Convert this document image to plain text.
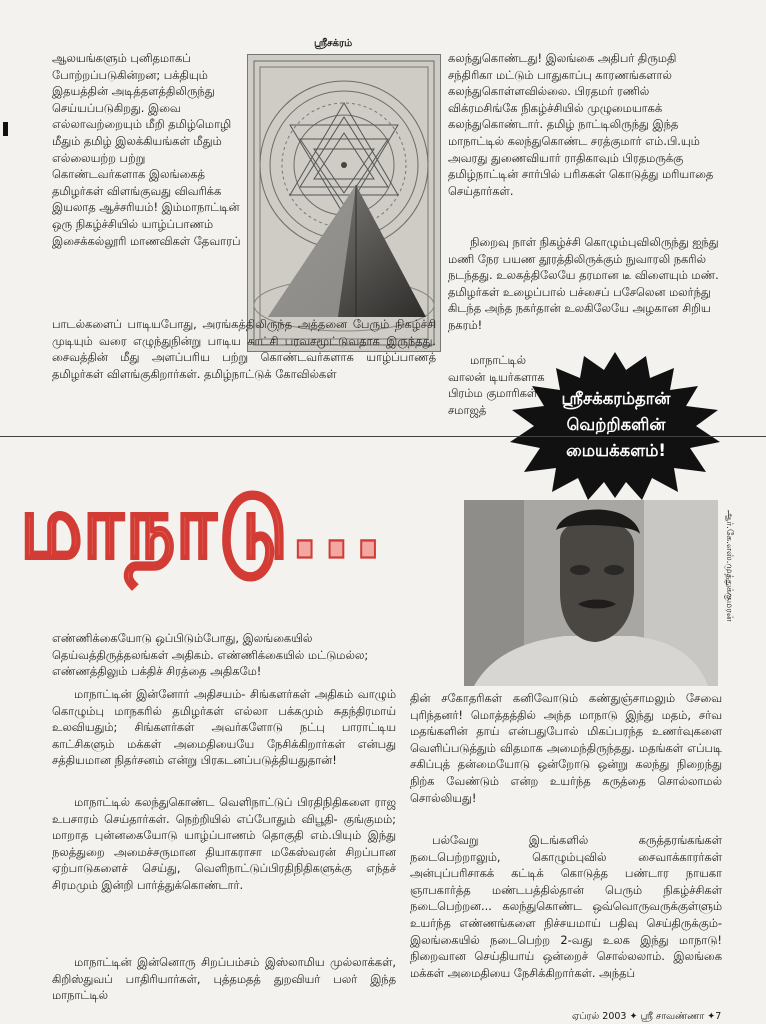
ஆலயங்களும் புனிதமாகப் போற்றப்படுகின்றன; பக்தியும் இதயத்தின் அடித்தளத்திலிருந்து செய்யப்படுகிறது. இவை எல்லாவற்றையும் மீறி தமிழ்மொழி மீதும் தமிழ் இலக்கியங்கள் மீதும் எல்லையற்ற பற்று கொண்டவர்களாக இலங்கைத் தமிழர்கள் விளங்குவது விவரிக்க இயலாத ஆச்சரியம்! இம்மாநாட்டின் ஒரு நிகழ்ச்சியில் யாழ்ப்பாணம் இசைக்கல்லூரி மாணவிகள் தேவாரப்

ஸ்ரீசக்ரம்

பாடல்களைப் பாடியபோது, அரங்கத்திலிருந்த அத்தனை பேரும் நிகழ்ச்சி முடியும் வரை எழுந்துநின்று பாடிய காட்சி பரவசமூட்டுவதாக இருந்தது. சைவத்தின் மீது அளப்பரிய பற்று கொண்டவர்களாக யாழ்ப்பாணத் தமிழர்கள் விளங்குகிறார்கள். தமிழ்நாட்டுக் கோவில்கள்

கலந்துகொண்டது! இலங்கை அதிபர் திருமதி சந்திரிகா மட்டும் பாதுகாப்பு காரணங்களால் கலந்துகொள்ளவில்லை. பிரதமர் ரணில் விக்ரமசிங்கே நிகழ்ச்சியில் முழுமையாகக் கலந்துகொண்டார். தமிழ் நாட்டிலிருந்து இந்த மாநாட்டில் கலந்துகொண்ட சரத்குமார் எம்.பி.யும் அவரது துணைவியார் ராதிகாவும் பிரதமருக்கு தமிழ்நாட்டின் சார்பில் பரிசுகள் கொடுத்து மரியாதை செய்தார்கள்.

நிறைவு நாள் நிகழ்ச்சி கொழும்புவிலிருந்து ஐந்து மணி நேர பயண தூரத்திலிருக்கும் நுவாரலி நகரில் நடந்தது. உலகத்திலேயே தரமான டீ விளையும் மண். தமிழர்கள் உழைப்பால் பச்சைப் பசேலென மலர்ந்து கிடந்த அந்த நகர்தான் உலகிலேயே அழகான சிறிய நகரம்!

மாநாட்டில் வாலன் டியர்களாக பிரம்ம குமாரிகள் சமாஜத்

ஸ்ரீசக்கரம்தான்
வெற்றிகளின்
மையக்களம்!
மாநாடு...	ஆர்.கே.எஸ்.முத்துக்குமரன்

எண்ணிக்கையோடு ஒப்பிடும்போது, இலங்கையில் தெய்வத்திருத்தலங்கள் அதிகம். எண்ணிக்கையில் மட்டுமல்ல; எண்ணத்திலும் பக்திச் சிரத்தை அதிகமே!

மாநாட்டின் இன்னோர் அதிசயம்- சிங்களர்கள் அதிகம் வாழும் கொழும்பு மாநகரில் தமிழர்கள் எல்லா பக்கமும் சுதந்திரமாய் உலவியதும்; சிங்களர்கள் அவர்களோடு நட்பு பாராட்டிய காட்சிகளும் மக்கள் அமைதியையே நேசிக்கிறார்கள் என்பது சத்தியமான நிதர்சனம் என்று பிரகடனப்படுத்தியதுதான்!

மாநாட்டில் கலந்துகொண்ட வெளிநாட்டுப் பிரதிநிதிகளை ராஜ உபசாரம் செய்தார்கள். நெற்றியில் எப்போதும் விபூதி- குங்குமம்; மாறாத புன்னகையோடு யாழ்ப்பாணம் தொகுதி எம்.பியும் இந்து நலத்துறை அமைச்சருமான தியாகராசா மகேஸ்வரன் சிறப்பான ஏற்பாடுகளைச் செய்து, வெளிநாட்டுப்பிரதிநிதிகளுக்கு எந்தச் சிரமமும் இன்றி பார்த்துக்கொண்டார்.

மாநாட்டின் இன்னொரு சிறப்பம்சம் இஸ்லாமிய முல்லாக்கள், கிறிஸ்துவப் பாதிரியார்கள், புத்தமதத் துறவியர் பலர் இந்த மாநாட்டில்

தின் சகோதரிகள் கனிவோடும் கண்துஞ்சாமலும் சேவை புரிந்தனர்! மொத்தத்தில் அந்த மாநாடு இந்து மதம், சர்வ மதங்களின் தாய் என்பதுபோல் மிகப்பரந்த உணர்வுகளை வெளிப்படுத்தும் விதமாக அமைந்திருந்தது. மதங்கள் எப்படி சகிப்புத் தன்மையோடு ஒன்றோடு ஒன்று கலந்து நிறைந்து நிற்க வேண்டும் என்ற உயர்ந்த கருத்தை சொல்லாமல் சொல்லியது!

பல்வேறு இடங்களில் கருத்தரங்கங்கள் நடைபெற்றாலும், கொழும்புவில் சைவாக்காரர்கள் அன்புப்பரிசாகக் கட்டிக் கொடுத்த பண்டார நாயகா ஞாபகார்த்த மண்டபத்தில்தான் பெரும் நிகழ்ச்சிகள் நடைபெற்றன... கலந்துகொண்ட ஒவ்வொருவருக்குள்ளும் உயர்ந்த எண்ணங்களை நிச்சயமாய் பதிவு செய்திருக்கும்- இலங்கையில் நடைபெற்ற 2-வது உலக இந்து மாநாடு! நிறைவான செய்தியாய் ஒன்றைச் சொல்லலாம். இலங்கை மக்கள் அமைதியை நேசிக்கிறார்கள். அந்தப்

ஏப்ரல் 2003 ✦ ஸ்ரீ சாவண்ணா ✦7
